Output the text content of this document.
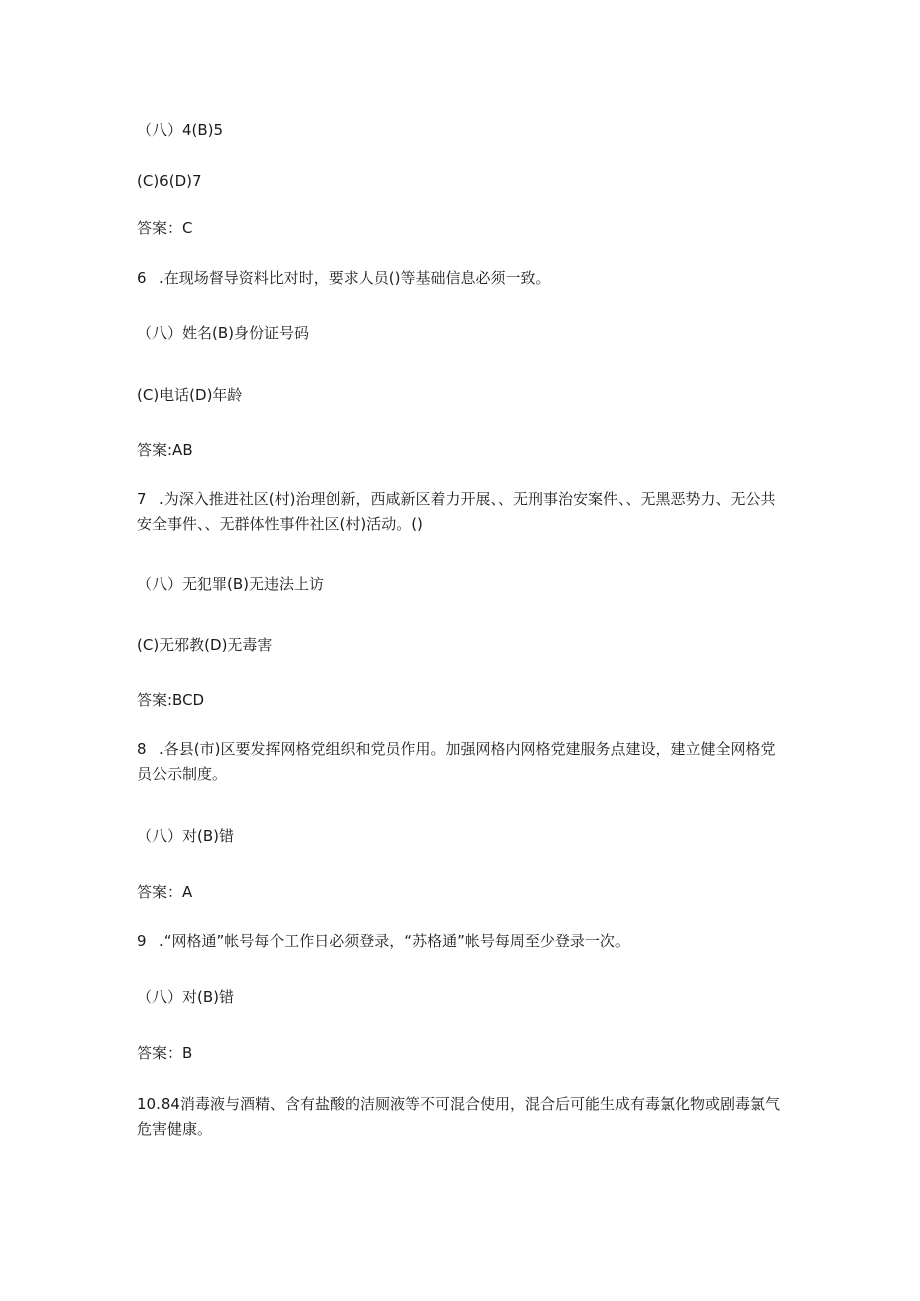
（八）4(B)5
(C)6(D)7
答案：C
6 .在现场督导资料比对时，要求人员()等基础信息必须一致。
（八）姓名(B)身份证号码
(C)电话(D)年龄
答案:AB
7 .为深入推进社区(村)治理创新，西咸新区着力开展、、无刑事治安案件、、无黑恶势力、无公共安全事件、、无群体性事件社区(村)活动。()
（八）无犯罪(B)无违法上访
(C)无邪教(D)无毒害
答案:BCD
8 .各县(市)区要发挥网格党组织和党员作用。加强网格内网格党建服务点建设，建立健全网格党员公示制度。
（八）对(B)错
答案：A
9 .“网格通”帐号每个工作日必须登录，“苏格通”帐号每周至少登录一次。
（八）对(B)错
答案：B
10.84消毒液与酒精、含有盐酸的洁厕液等不可混合使用，混合后可能生成有毒氯化物或剧毒氯气危害健康。
